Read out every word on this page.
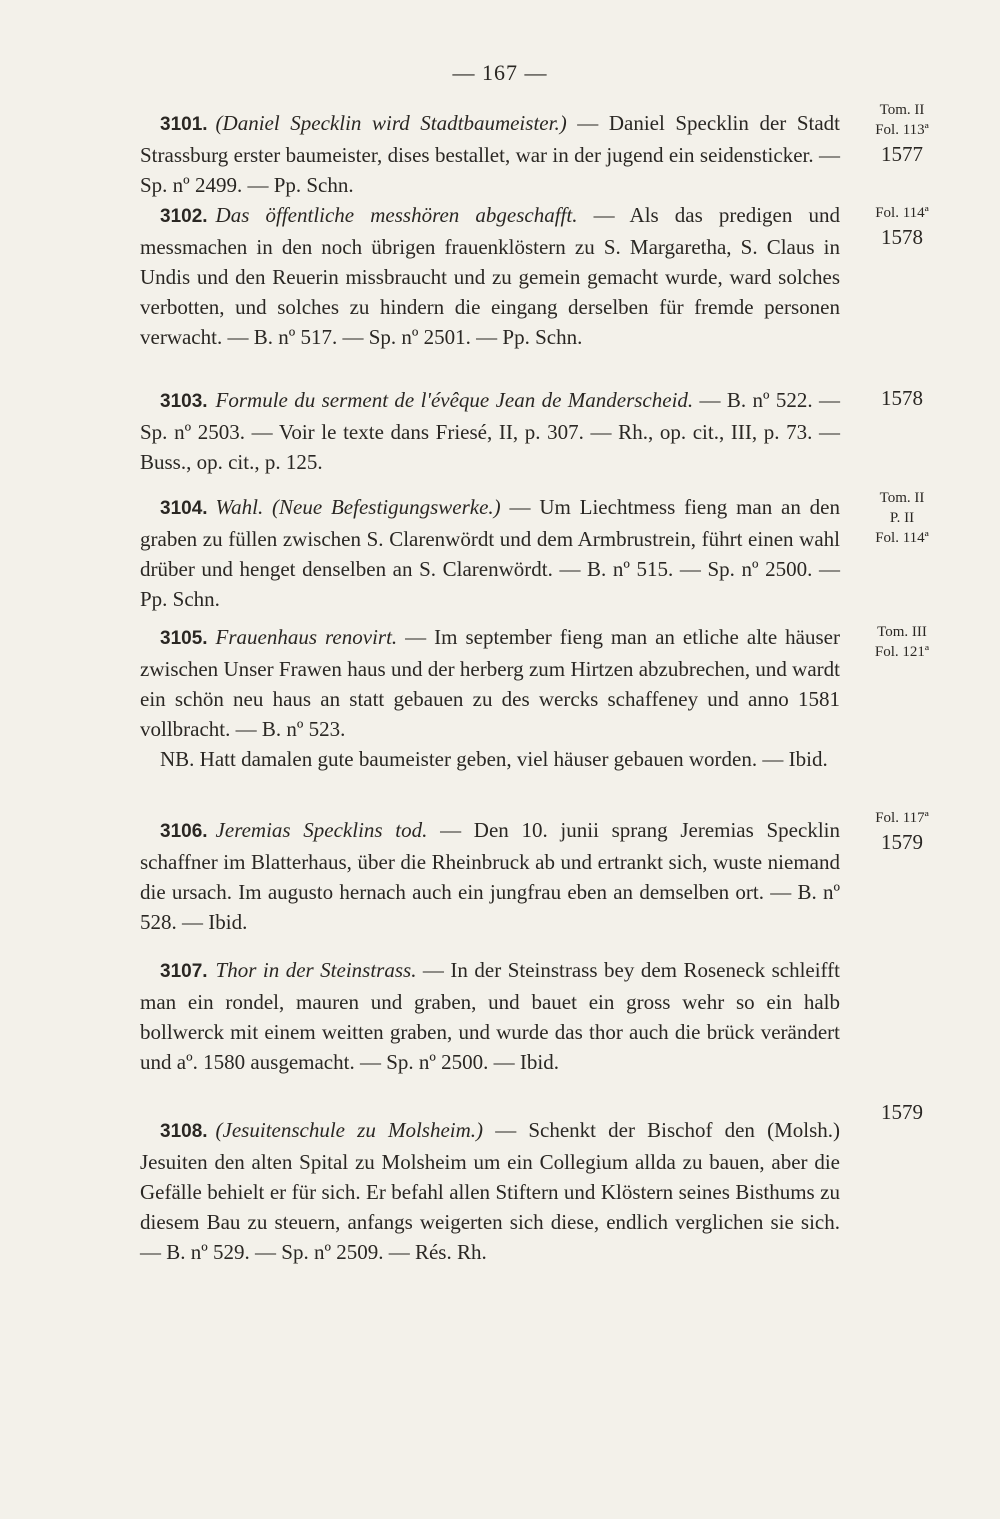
— 167 —

3101. (Daniel Specklin wird Stadtbaumeister.) — Daniel Specklin der Stadt Strassburg erster baumeister, dises bestallet, war in der jugend ein seidensticker. — Sp. nº 2499. — Pp. Schn.

3102. Das öffentliche messhören abgeschafft. — Als das predigen und messmachen in den noch übrigen frauenklöstern zu S. Margaretha, S. Claus in Undis und den Reuerin missbraucht und zu gemein gemacht wurde, ward solches verbotten, und solches zu hindern die eingang derselben für fremde personen verwacht. — B. nº 517. — Sp. nº 2501. — Pp. Schn.

3103. Formule du serment de l'évêque Jean de Manderscheid. — B. nº 522. — Sp. nº 2503. — Voir le texte dans Friesé, II, p. 307. — Rh., op. cit., III, p. 73. — Buss., op. cit., p. 125.

3104. Wahl. (Neue Befestigungswerke.) — Um Liechtmess fieng man an den graben zu füllen zwischen S. Clarenwördt und dem Armbrustrein, führt einen wahl drüber und henget denselben an S. Clarenwördt. — B. nº 515. — Sp. nº 2500. — Pp. Schn.

3105. Frauenhaus renovirt. — Im september fieng man an etliche alte häuser zwischen Unser Frawen haus und der herberg zum Hirtzen abzubrechen, und wardt ein schön neu haus an statt gebauen zu des wercks schaffeney und anno 1581 vollbracht. — B. nº 523.

NB. Hatt damalen gute baumeister geben, viel häuser gebauen worden. — Ibid.

3106. Jeremias Specklins tod. — Den 10. junii sprang Jeremias Specklin schaffner im Blatterhaus, über die Rheinbruck ab und ertrankt sich, wuste niemand die ursach. Im augusto hernach auch ein jungfrau eben an demselben ort. — B. nº 528. — Ibid.

3107. Thor in der Steinstrass. — In der Steinstrass bey dem Roseneck schleifft man ein rondel, mauren und graben, und bauet ein gross wehr so ein halb bollwerck mit einem weitten graben, und wurde das thor auch die brück verändert und aº. 1580 ausgemacht. — Sp. nº 2500. — Ibid.

3108. (Jesuitenschule zu Molsheim.) — Schenkt der Bischof den (Molsh.) Jesuiten den alten Spital zu Molsheim um ein Collegium allda zu bauen, aber die Gefälle behielt er für sich. Er befahl allen Stiftern und Klöstern seines Bisthums zu diesem Bau zu steuern, anfangs weigerten sich diese, endlich verglichen sie sich. — B. nº 529. — Sp. nº 2509. — Rés. Rh.

Tom. II
Fol. 113ª
1577
Fol. 114ª
1578
1578
Tom. II
P. II
Fol. 114ª
Tom. III
Fol. 121ª
Fol. 117ª
1579
1579
